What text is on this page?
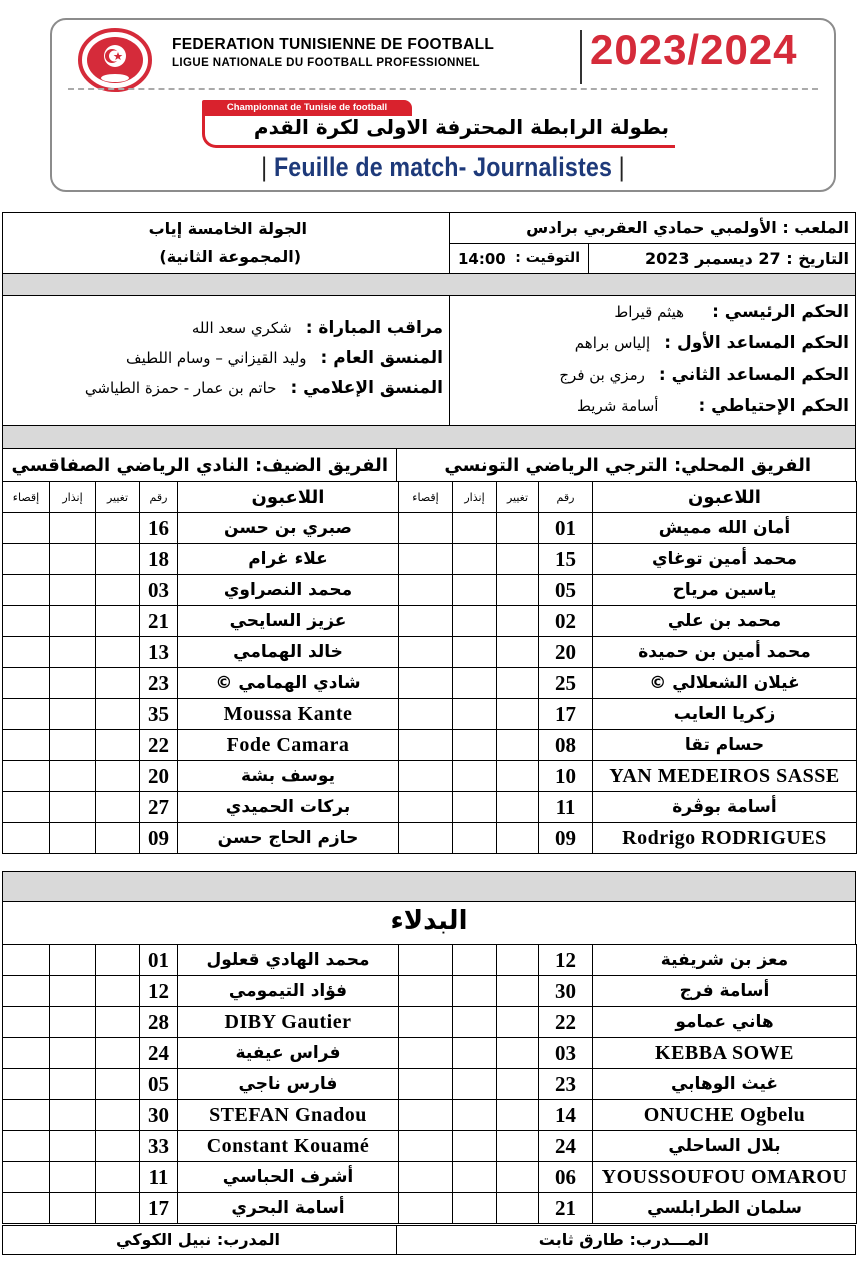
FEDERATION TUNISIENNE DE FOOTBALL
LIGUE NATIONALE DU FOOTBALL PROFESSIONNEL	2023/2024
Championnat de Tunisie de football
بطولة الرابطة المحترفة الاولى لكرة القدم
| Feuille de match- Journalistes |
الجولة الخامسة إياب
(المجموعة الثانية)
الملعب : الأولمبي حمادي العقربي برادس
14:00 التوقيت :	التاريخ : 27 ديسمبر 2023
مراقب المباراة :شكري سعد الله
المنسق العام :وليد القيزاني – وسام اللطيف
المنسق الإعلامي :حاتم بن عمار - حمزة الطياشي
الحكم الرئيسي :هيثم قيراط
الحكم المساعد الأول :إلياس براهم
الحكم المساعد الثاني :رمزي بن فرج
الحكم الإحتياطي :أسامة شريط
الفريق الضيف: النادي الرياضي الصفاقسي	الفريق المحلي: الترجي الرياضي التونسي
إقصاء	إنذار	تغيير	رقم	اللاعبون	إقصاء	إنذار	تغيير	رقم	اللاعبون
			16	صبري بن حسن				01	أمان الله مميش
			18	علاء غرام				15	محمد أمين توغاي
			03	محمد النصراوي				05	ياسين مرياح
			21	عزيز السايحي				02	محمد بن علي
			13	خالد الهمامي				20	محمد أمين بن حميدة
			23	شادي الهمامي ©				25	غيلان الشعلالي ©
			35	Moussa Kante				17	زكريا العايب
			22	Fode Camara				08	حسام تقا
			20	يوسف بشة				10	YAN MEDEIROS SASSE
			27	بركات الحميدي				11	أسامة بوڨرة
			09	حازم الحاج حسن				09	Rodrigo RODRIGUES
البدلاء
			01	محمد الهادي قعلول				12	معز بن شريفية
			12	فؤاد التيمومي				30	أسامة فرج
			28	DIBY Gautier				22	هاني عمامو
			24	فراس عيفية				03	KEBBA SOWE
			05	فارس ناجي				23	غيث الوهابي
			30	STEFAN Gnadou				14	ONUCHE Ogbelu
			33	Constant Kouamé				24	بلال الساحلي
			11	أشرف الحباسي				06	YOUSSOUFOU OMAROU
			17	أسامة البحري				21	سلمان الطرابلسي
المدرب: نبيل الكوكي	المـــدرب: طارق ثابت
